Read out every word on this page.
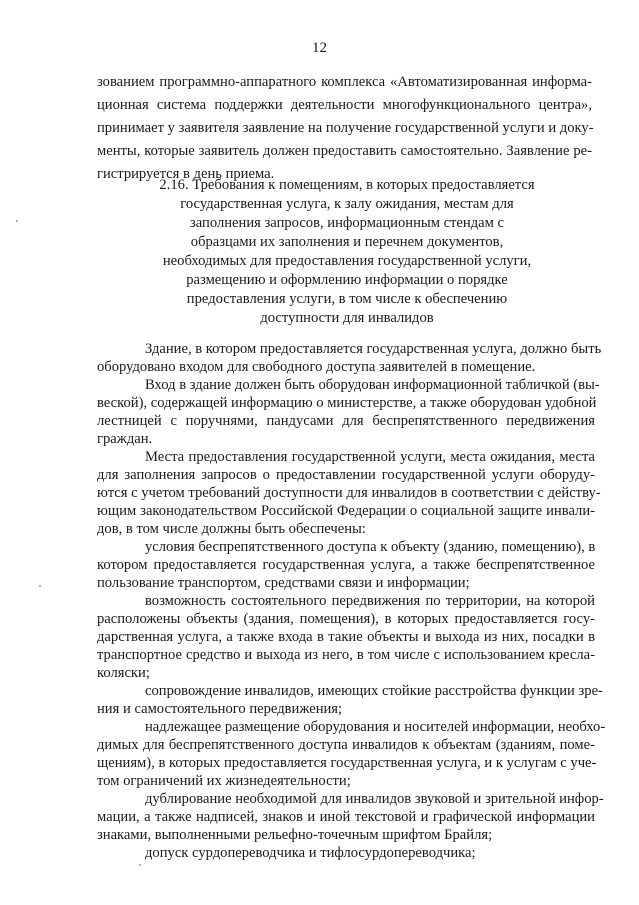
12
зованием программно-аппаратного комплекса «Автоматизированная информа-
ционная система поддержки деятельности многофункционального центра»,
принимает у заявителя заявление на получение государственной услуги и доку-
менты, которые заявитель должен предоставить самостоятельно. Заявление ре-
гистрируется в день приема.
2.16. Требования к помещениям, в которых предоставляется
государственная услуга, к залу ожидания, местам для
заполнения запросов, информационным стендам с
образцами их заполнения и перечнем документов,
необходимых для предоставления государственной услуги,
размещению и оформлению информации о порядке
предоставления услуги, в том числе к обеспечению
доступности для инвалидов
Здание, в котором предоставляется государственная услуга, должно быть
оборудовано входом для свободного доступа заявителей в помещение.
Вход в здание должен быть оборудован информационной табличкой (вы-
веской), содержащей информацию о министерстве, а также оборудован удобной
лестницей с поручнями, пандусами для беспрепятственного передвижения
граждан.
Места предоставления государственной услуги, места ожидания, места
для заполнения запросов о предоставлении государственной услуги оборуду-
ются с учетом требований доступности для инвалидов в соответствии с действу-
ющим законодательством Российской Федерации о социальной защите инвали-
дов, в том числе должны быть обеспечены:
условия беспрепятственного доступа к объекту (зданию, помещению), в
котором предоставляется государственная услуга, а также беспрепятственное
пользование транспортом, средствами связи и информации;
возможность состоятельного передвижения по территории, на которой
расположены объекты (здания, помещения), в которых предоставляется госу-
дарственная услуга, а также входа в такие объекты и выхода из них, посадки в
транспортное средство и выхода из него, в том числе с использованием кресла-
коляски;
сопровождение инвалидов, имеющих стойкие расстройства функции зре-
ния и самостоятельного передвижения;
надлежащее размещение оборудования и носителей информации, необхо-
димых для беспрепятственного доступа инвалидов к объектам (зданиям, поме-
щениям), в которых предоставляется государственная услуга, и к услугам с уче-
том ограничений их жизнедеятельности;
дублирование необходимой для инвалидов звуковой и зрительной инфор-
мации, а также надписей, знаков и иной текстовой и графической информации
знаками, выполненными рельефно-точечным шрифтом Брайля;
допуск сурдопереводчика и тифлосурдопереводчика;
